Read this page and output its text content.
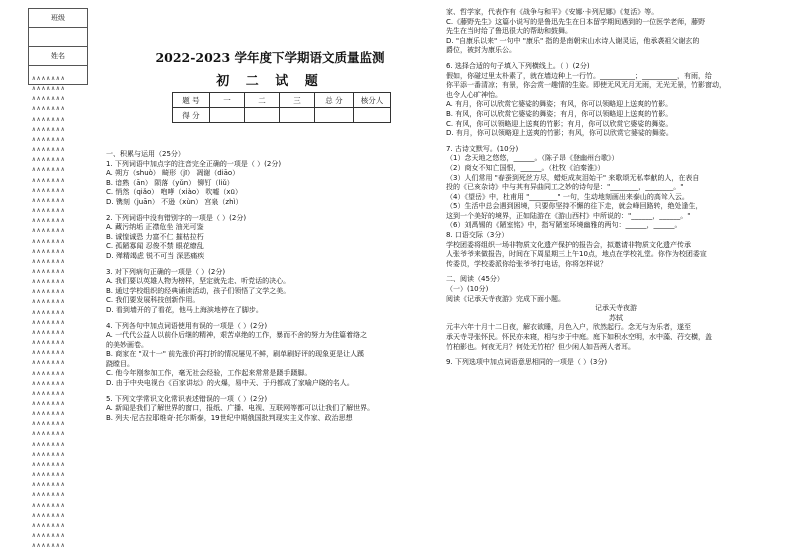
班级

姓名

∧∧∧∧∧∧∧
∧∧∧∧∧∧∧
∧∧∧∧∧∧∧
∧∧∧∧∧∧∧
∧∧∧∧∧∧∧
∧∧∧∧∧∧∧
∧∧∧∧∧∧∧
∧∧∧∧∧∧∧
∧∧∧∧∧∧∧
∧∧∧∧∧∧∧
∧∧∧∧∧∧∧
∧∧∧∧∧∧∧
∧∧∧∧∧∧∧
∧∧∧∧∧∧∧
∧∧∧∧∧∧∧
∧∧∧∧∧∧∧
∧∧∧∧∧∧∧
∧∧∧∧∧∧∧
∧∧∧∧∧∧∧
∧∧∧∧∧∧∧
∧∧∧∧∧∧∧
∧∧∧∧∧∧∧
∧∧∧∧∧∧∧
∧∧∧∧∧∧∧
∧∧∧∧∧∧∧
∧∧∧∧∧∧∧
∧∧∧∧∧∧∧
∧∧∧∧∧∧∧
∧∧∧∧∧∧∧
∧∧∧∧∧∧∧
∧∧∧∧∧∧∧
∧∧∧∧∧∧∧
∧∧∧∧∧∧∧
∧∧∧∧∧∧∧
∧∧∧∧∧∧∧
∧∧∧∧∧∧∧
∧∧∧∧∧∧∧
∧∧∧∧∧∧∧
∧∧∧∧∧∧∧
∧∧∧∧∧∧∧
∧∧∧∧∧∧∧
∧∧∧∧∧∧∧
∧∧∧∧∧∧∧
∧∧∧∧∧∧∧
∧∧∧∧∧∧∧
∧∧∧∧∧∧∧
∧∧∧∧∧∧∧
2022-2023 学年度下学期语文质量监测
初 二 试 题
题 号	一	二	三	总 分	核分人
得 分					
一、积累与运用（25分）
1. 下列词语中加点字的注音完全正确的一项是（ ）(2分)
A. 朔方（shuò） 畸形（jī） 凋谢（diāo）
B. 谙熟（ān） 陨落（yǔn） 铆钉（liǔ）
C. 悄然（qiǎo） 咆哮（xiào） 吹嘘（xū）
D. 镌刻（juān） 不逊（xùn） 宫泉（zhì）
2. 下列词语中没有错别字的一项是（ ）(2分)
A. 藏污纳垢 正襟危坐 油光可鉴
B. 诚惶诚恐 力富不仁 摧枯拉朽
C. 孤陋寡闻 忍俊不禁 眼花缭乱
D. 殚精竭虑 锐不可当 深恶痛疾
3. 对下列病句正确的一项是（ ）(2分)
A. 我们要以英雄人物为榜样，坚定就先走、听党话的决心。
B. 通过学校组织的经典诵读活动，孩子们领悟了文学之美。
C. 我们要发展科技创新作用。
D. 看到墙开的了看花，他马上海滨地停在了脚步。
4. 下列各句中加点词语使用有误的一项是（ ）(2分)
A. 一代代公益人以前仆后继的精神，艰苦卓绝的工作，暴而不舍的努力为佳篇着络之
的美妙画卷。
B. 商家在 "双十一" 前先涨价再打折的情况屡见不鲜，刷单刷好评的现象更是让人蹊
跷瞠目。
C. 他今年刚参加工作，毫无社会经验，工作起来常常是蹑手蹑脚。
D. 由于中央电视台《百家讲坛》的火爆，易中天、于丹都成了家喻户晓的名人。
5. 下列文学常识文化常识表述错误的一项（ ）(2分)
A. 新闻是我们了解世界的窗口，报纸、广播、电视、互联网等都可以让我们了解世界。
B. 列夫·尼古拉耶维奇·托尔斯泰，19世纪中期俄国批判现实主义作家、政治思想
家、哲学家，代表作有《战争与和平》《安娜·卡列尼娜》《复活》等。
C.《藤野先生》这篇小说写的是鲁迅先生在日本留学期间遇到的一位医学老师，藤野
先生在当时给了鲁迅很大的帮助和鼓舞。
D. "自康乐以来" 一句中 "康乐" 指的是南朝宋山水诗人谢灵运，他承袭祖父谢玄的
爵位，被封为康乐公。
6. 选择合适的句子填入下列横线上。（ ）(2分)
假如，你碰过里太朴素了，就在墙边种上一行竹。__________；__________，有雨，给
你平添一番清凉；有景，你会赏一趣情的生姿。即使无风无月无雨，无光无景，竹影窗动，
也令人心旷神怡。
A. 有月，你可以欣赏它婆娑的舞姿；有风，你可以领略迎上送爽的竹影。
B. 有风，你可以欣赏它婆娑的舞姿；有月，你可以领略迎上送爽的竹影。
C. 有风，你可以领略迎上送爽的竹影；有月，你可以欣赏它婆娑的舞姿。
D. 有月，你可以领略迎上送爽的竹影；有风，你可以欣赏它婆娑的舞姿。
7. 古诗文默写。(10分)
（1）念天地之悠悠，______。（陈子昂《登幽州台歌》）
（2）商女不知亡国恨，______。（杜牧《泊秦淮》）
（3）人们常用 "春蚕到死丝方尽，蜡炬成灰泪始干" 来歌颂无私奉献的人，在表自
投的《已亥杂诗》中与其有异曲同工之妙的诗句是："________，________。"
（4）《望岳》中，杜甫用 "________" 一句，生动地刻画出来泰山的高耸入云。
（5）生活中总会遇到困境，只要你坚持不懈的往下走，就会峰回路转，绝处逢生，
这到一个美好的境界，正如陆游在《游山西村》中所说的："______，______。"
（6）刘禹锡的《陋室铭》中，指写陋室环境幽雅的两句：______，______。
8. 口语交际（3分）
学校团委将组织一场非物质文化遗产保护的报告会，拟邀请非物质文化遗产传承
人张爷爷来做报告，时间在下周星期三上午10点，地点在学校礼堂。你作为校团委宣
传委员，学校委派你给张爷爷打电话，你将怎样说？
二、阅读（45分）
（一）(10分)
阅读《记承天寺夜游》完成下面小题。
记承天寺夜游
苏轼
元丰六年十月十二日夜，解衣欲睡，月色入户，欣然起行。念无与为乐者，遂至
承天寺寻张怀民。怀民亦未寝，相与步于中庭。庭下如积水空明，水中藻、荇交横，盖
竹柏影也。何夜无月？何处无竹柏？但少闲人如吾两人者耳。
9. 下列选项中加点词语意思相同的一项是（ ）(3分)
